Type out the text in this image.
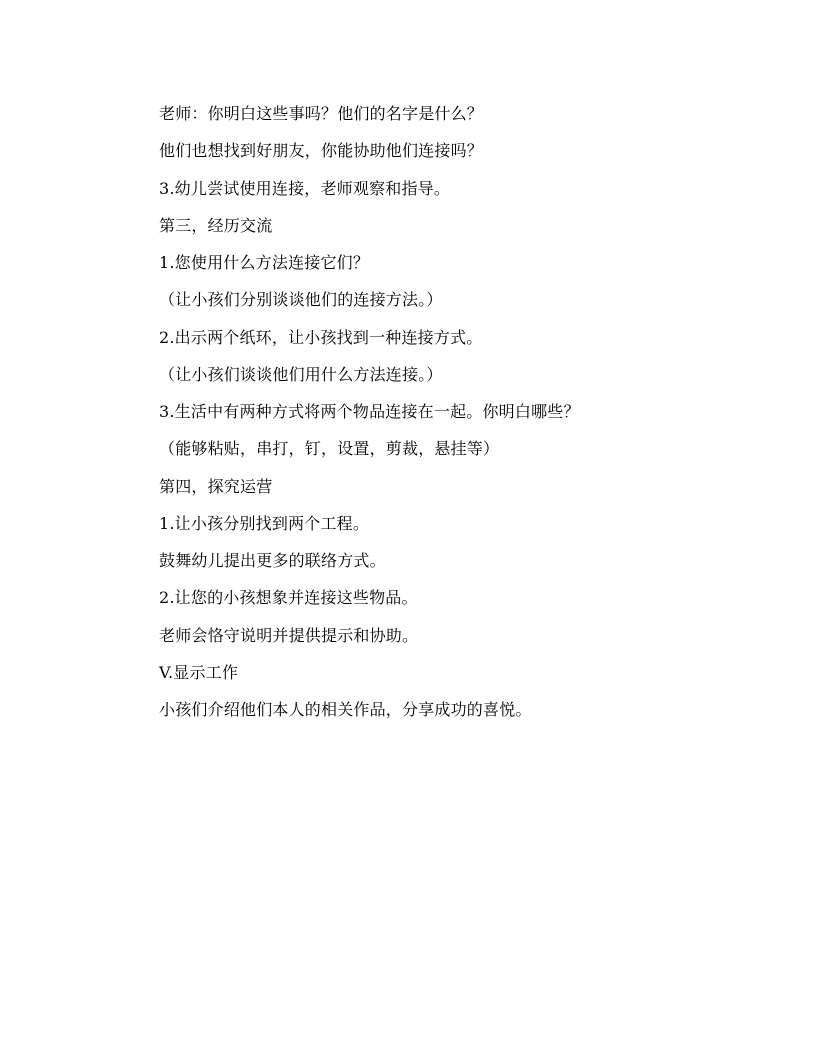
老师：你明白这些事吗？他们的名字是什么？

他们也想找到好朋友，你能协助他们连接吗？

3.幼儿尝试使用连接，老师观察和指导。

第三，经历交流

1.您使用什么方法连接它们？

（让小孩们分别谈谈他们的连接方法。）

2.出示两个纸环，让小孩找到一种连接方式。

（让小孩们谈谈他们用什么方法连接。）

3.生活中有两种方式将两个物品连接在一起。你明白哪些？

（能够粘贴，串打，钉，设置，剪裁，悬挂等）

第四，探究运营

1.让小孩分别找到两个工程。

鼓舞幼儿提出更多的联络方式。

2.让您的小孩想象并连接这些物品。

老师会恪守说明并提供提示和协助。

V.显示工作

小孩们介绍他们本人的相关作品，分享成功的喜悦。
